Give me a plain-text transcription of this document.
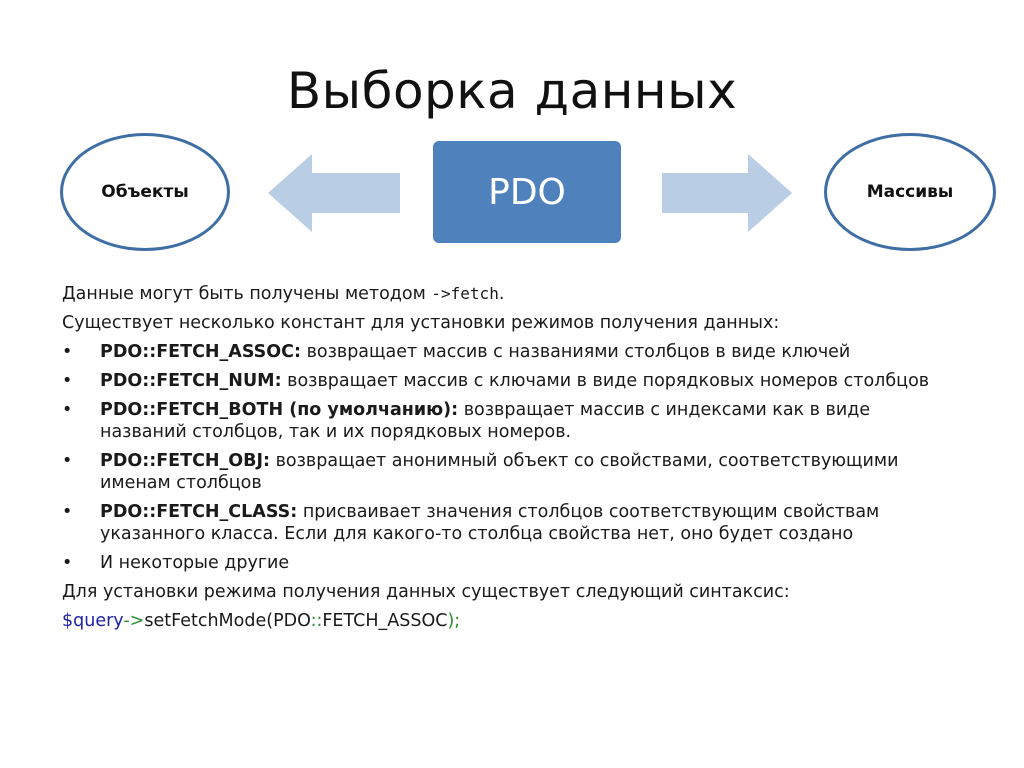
Выборка данных
Объекты	PDO	Массивы

Данные могут быть получены методом ->fetch.

Существует несколько констант для установки режимов получения данных:

• PDO::FETCH_ASSOC: возвращает массив с названиями столбцов в виде ключей
• PDO::FETCH_NUM: возвращает массив с ключами в виде порядковых номеров столбцов
• PDO::FETCH_BOTH (по умолчанию): возвращает массив с индексами как в виде названий столбцов, так и их порядковых номеров.
• PDO::FETCH_OBJ: возвращает анонимный объект со свойствами, соответствующими именам столбцов
• PDO::FETCH_CLASS: присваивает значения столбцов соответствующим свойствам указанного класса. Если для какого-то столбца свойства нет, оно будет создано
• И некоторые другие

Для установки режима получения данных существует следующий синтаксис:

$query->setFetchMode(PDO::FETCH_ASSOC);
